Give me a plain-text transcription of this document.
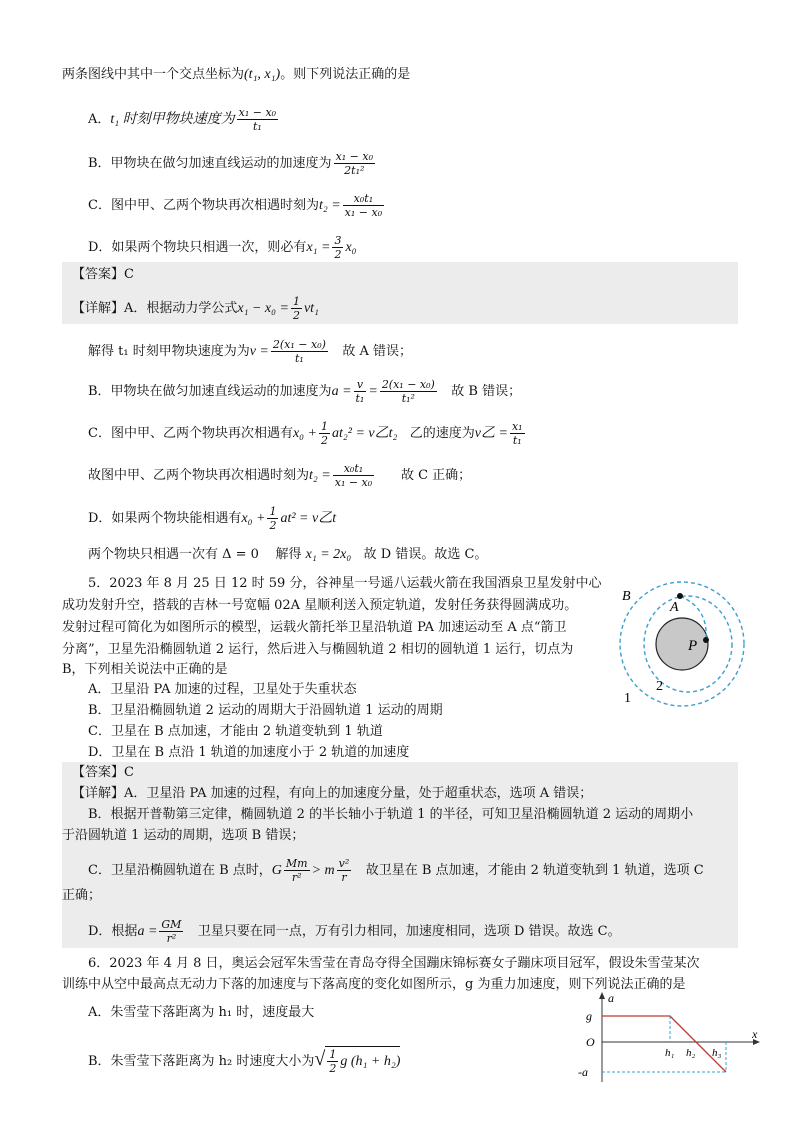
两条图线中其中一个交点坐标为(t₁, x₁)。则下列说法正确的是
A．t₁ 时刻甲物块速度为 $\frac{\text{x₁ − x₀}}{\text{t₁}}$
B．甲物块在做匀加速直线运动的加速度为 $\frac{\text{x₁ − x₀}}{\text{2t₁²}}$
C．图中甲、乙两个物块再次相遇时刻为$t_2 = \frac{\text{x₀t₁}}{\text{x₁ − x₀}}$
D．如果两个物块只相遇一次，则必有$x_1 = \frac{3}{2} x_0$
【答案】C
【详解】A．根据动力学公式$x_1 - x_0 = \frac{1}{2} vt_1$
解得 t₁ 时刻甲物块速度为为$v = \frac{\text{2(x₁ − x₀)}}{\text{t₁}}$ 故 A 错误；
B．甲物块在做匀加速直线运动的加速度为$a = \frac{v}{\text{t₁}} = \frac{\text{2(x₁ − x₀)}}{\text{t₁²}}$ 故 B 错误；
C．图中甲、乙两个物块再次相遇有$x_0 + \frac{1}{2} at_2^2 = v$乙t₂ 乙的速度为v乙 = $\frac{\text{x₁}}{\text{t₁}}$
故图中甲、乙两个物块再次相遇时刻为$t_2 = \frac{\text{x₀t₁}}{\text{x₁ − x₀}}$ 故 C 正确；
D．如果两个物块能相遇有$x_0 + \frac{1}{2} at^2 = v$乙t
两个物块只相遇一次有 Δ = 0 解得 x₁ = 2x₀ 故 D 错误。故选 C。
5．2023 年 8 月 25 日 12 时 59 分，谷神星一号遥八运载火箭在我国酒泉卫星发射中心
成功发射升空，搭载的吉林一号宽幅 02A 星顺利送入预定轨道，发射任务获得圆满成功。
发射过程可简化为如图所示的模型，运载火箭托举卫星沿轨道 PA 加速运动至 A 点“箭卫
分离”，卫星先沿椭圆轨道 2 运行，然后进入与椭圆轨道 2 相切的圆轨道 1 运行，切点为
B，下列相关说法中正确的是
A．卫星沿 PA 加速的过程，卫星处于失重状态
B．卫星沿椭圆轨道 2 运动的周期大于沿圆轨道 1 运动的周期
C．卫星在 B 点加速，才能由 2 轨道变轨到 1 轨道
D．卫星在 B 点沿 1 轨道的加速度小于 2 轨道的加速度
B
A
P
1
2
【答案】C
【详解】A．卫星沿 PA 加速的过程，有向上的加速度分量，处于超重状态，选项 A 错误；
B．根据开普勒第三定律，椭圆轨道 2 的半长轴小于轨道 1 的半径，可知卫星沿椭圆轨道 2 运动的周期小
于沿圆轨道 1 运动的周期，选项 B 错误；
C．卫星沿椭圆轨道在 B 点时，G $\frac{Mm}{\text{r²}} > m \frac{\text{v²}}{r}$ 故卫星在 B 点加速，才能由 2 轨道变轨到 1 轨道，选项 C
正确；
D．根据$a = \frac{GM}{\text{r²}}$ 卫星只要在同一点，万有引力相同，加速度相同，选项 D 错误。故选 C。
6．2023 年 4 月 8 日，奥运会冠军朱雪莹在青岛夺得全国蹦床锦标赛女子蹦床项目冠军，假设朱雪莹某次
训练中从空中最高点无动力下落的加速度与下落高度的变化如图所示，g 为重力加速度，则下列说法正确的是
A．朱雪莹下落距离为 h₁ 时，速度最大
B．朱雪莹下落距离为 h₂ 时速度大小为√ $\frac{1}{2}$ g (h₁ + h₂)
a
x
g
O
-a
h₁ h₂ h₃
